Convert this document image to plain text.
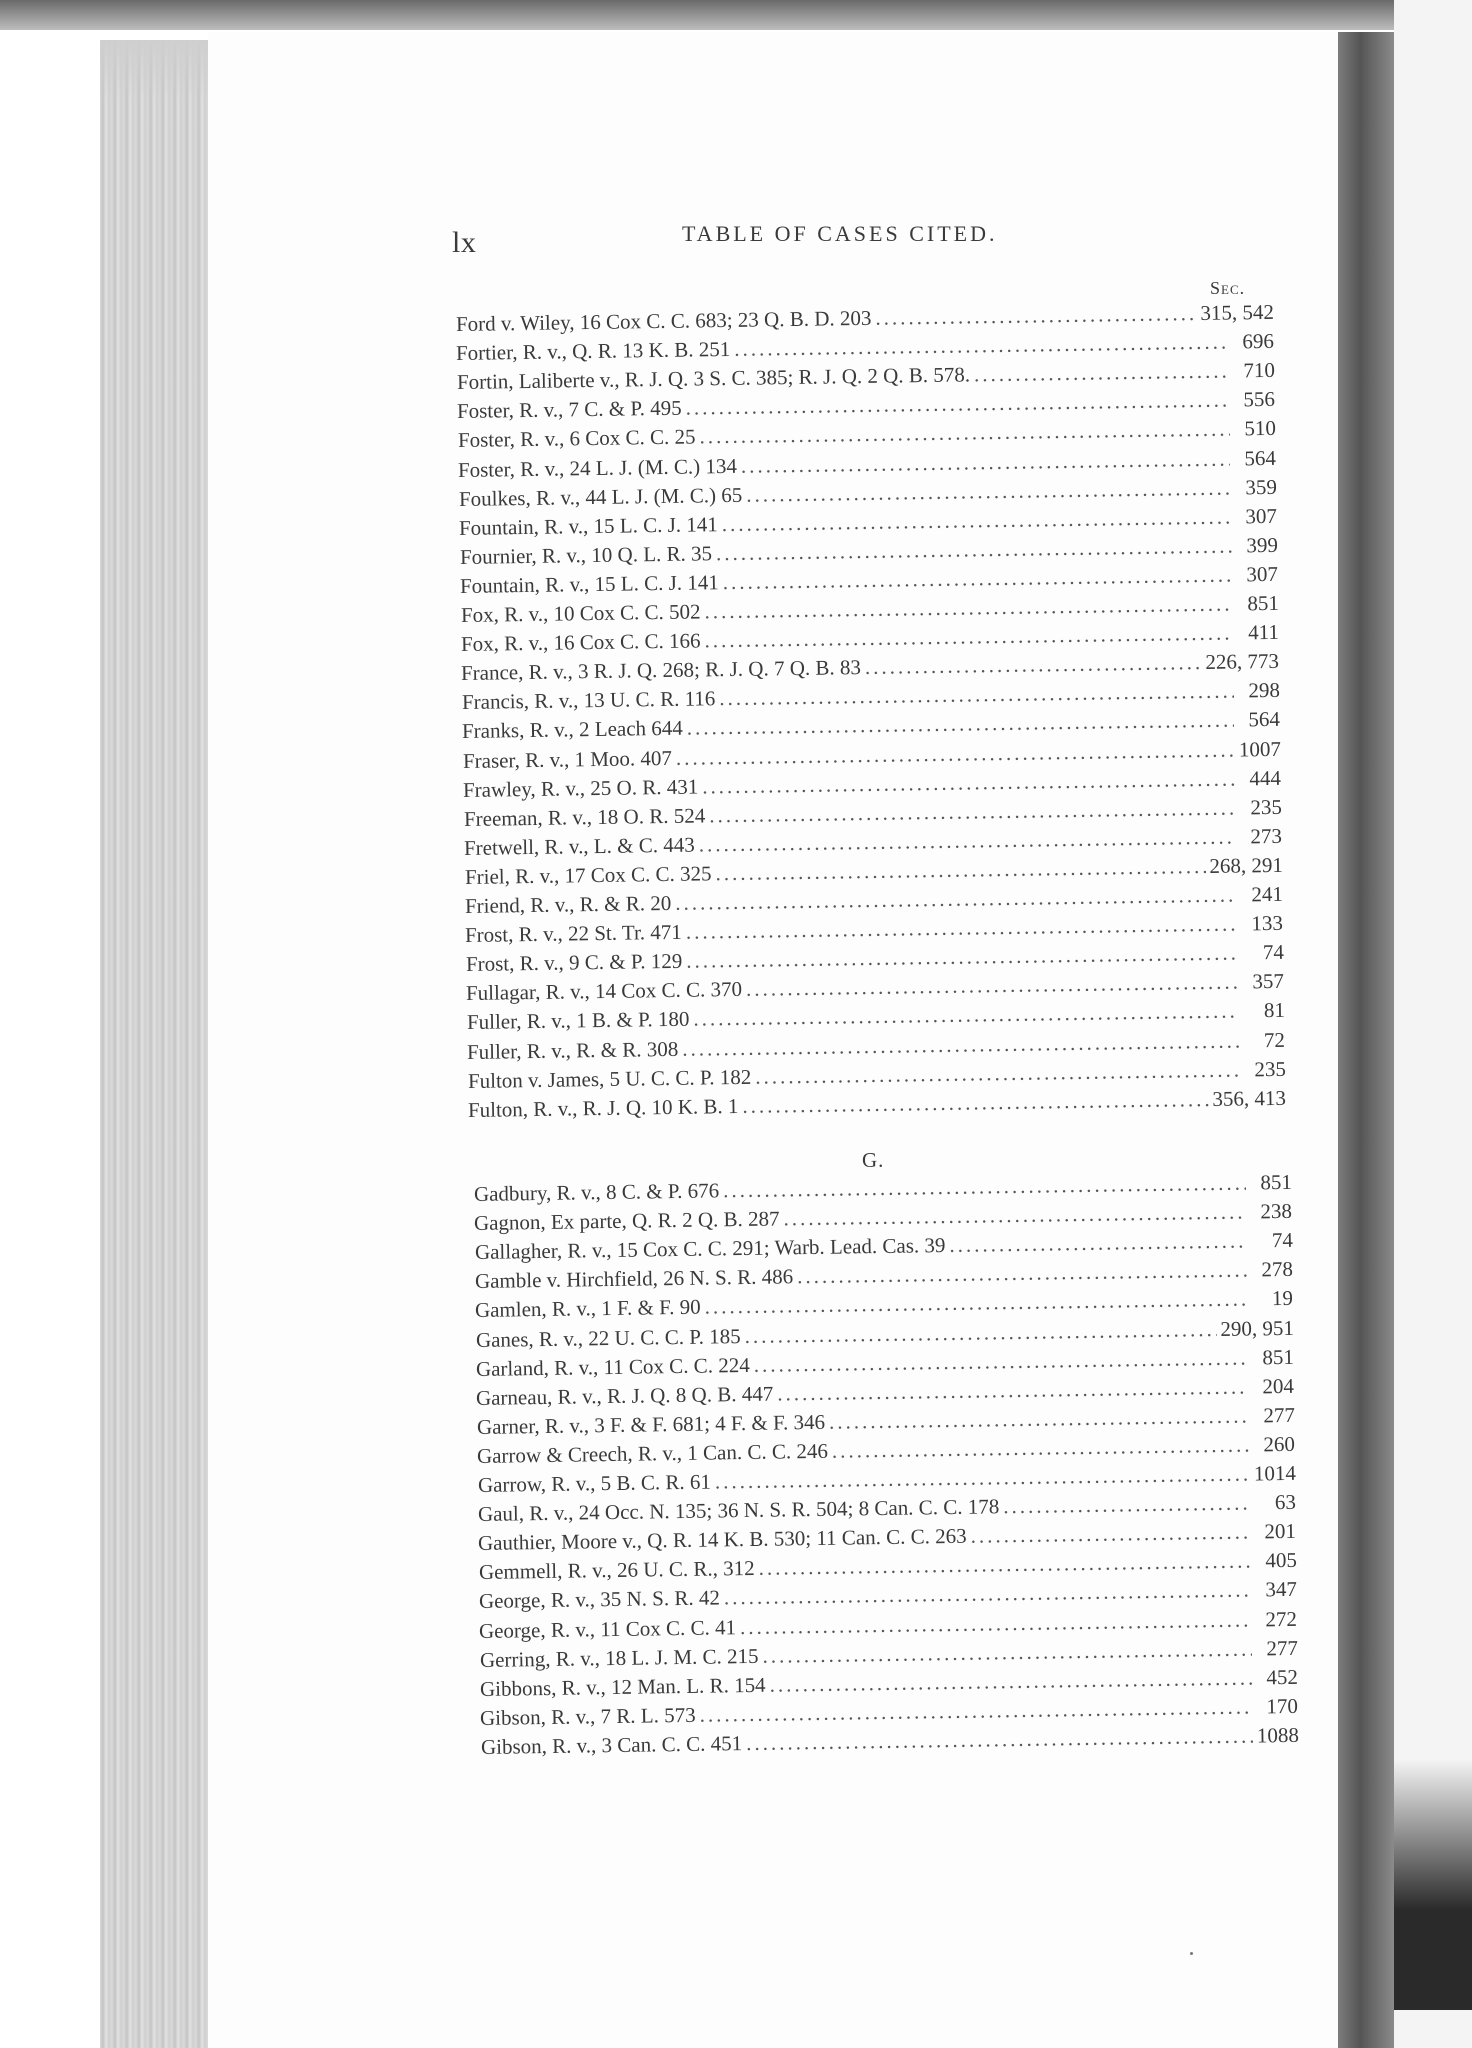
lx	TABLE OF CASES CITED.
Sec.
Ford v. Wiley, 16 Cox C. C. 683; 23 Q. B. D. 203 .....	315, 542
Fortier, R. v., Q. R. 13 K. B. 251 .....	696
Fortin, Laliberte v., R. J. Q. 3 S. C. 385; R. J. Q. 2 Q. B. 578. .....	710
Foster, R. v., 7 C. & P. 495 .....	556
Foster, R. v., 6 Cox C. C. 25 .....	510
Foster, R. v., 24 L. J. (M. C.) 134 .....	564
Foulkes, R. v., 44 L. J. (M. C.) 65 .....	359
Fountain, R. v., 15 L. C. J. 141 .....	307
Fournier, R. v., 10 Q. L. R. 35 .....	399
Fountain, R. v., 15 L. C. J. 141 .....	307
Fox, R. v., 10 Cox C. C. 502 .....	851
Fox, R. v., 16 Cox C. C. 166 .....	411
France, R. v., 3 R. J. Q. 268; R. J. Q. 7 Q. B. 83 .....	226, 773
Francis, R. v., 13 U. C. R. 116 .....	298
Franks, R. v., 2 Leach 644 .....	564
Fraser, R. v., 1 Moo. 407 .....	1007
Frawley, R. v., 25 O. R. 431 .....	444
Freeman, R. v., 18 O. R. 524 .....	235
Fretwell, R. v., L. & C. 443 .....	273
Friel, R. v., 17 Cox C. C. 325 .....	268, 291
Friend, R. v., R. & R. 20 .....	241
Frost, R. v., 22 St. Tr. 471 .....	133
Frost, R. v., 9 C. & P. 129 .....	74
Fullagar, R. v., 14 Cox C. C. 370 .....	357
Fuller, R. v., 1 B. & P. 180 .....	81
Fuller, R. v., R. & R. 308 .....	72
Fulton v. James, 5 U. C. C. P. 182 .....	235
Fulton, R. v., R. J. Q. 10 K. B. 1 .....	356, 413
G.
Gadbury, R. v., 8 C. & P. 676 .....	851
Gagnon, Ex parte, Q. R. 2 Q. B. 287 .....	238
Gallagher, R. v., 15 Cox C. C. 291; Warb. Lead. Cas. 39 .....	74
Gamble v. Hirchfield, 26 N. S. R. 486 .....	278
Gamlen, R. v., 1 F. & F. 90 .....	19
Ganes, R. v., 22 U. C. C. P. 185 .....	290, 951
Garland, R. v., 11 Cox C. C. 224 .....	851
Garneau, R. v., R. J. Q. 8 Q. B. 447 .....	204
Garner, R. v., 3 F. & F. 681; 4 F. & F. 346 .....	277
Garrow & Creech, R. v., 1 Can. C. C. 246 .....	260
Garrow, R. v., 5 B. C. R. 61 .....	1014
Gaul, R. v., 24 Occ. N. 135; 36 N. S. R. 504; 8 Can. C. C. 178 .....	63
Gauthier, Moore v., Q. R. 14 K. B. 530; 11 Can. C. C. 263 .....	201
Gemmell, R. v., 26 U. C. R., 312 .....	405
George, R. v., 35 N. S. R. 42 .....	347
George, R. v., 11 Cox C. C. 41 .....	272
Gerring, R. v., 18 L. J. M. C. 215 .....	277
Gibbons, R. v., 12 Man. L. R. 154 .....	452
Gibson, R. v., 7 R. L. 573 .....	170
Gibson, R. v., 3 Can. C. C. 451 .....	1088
